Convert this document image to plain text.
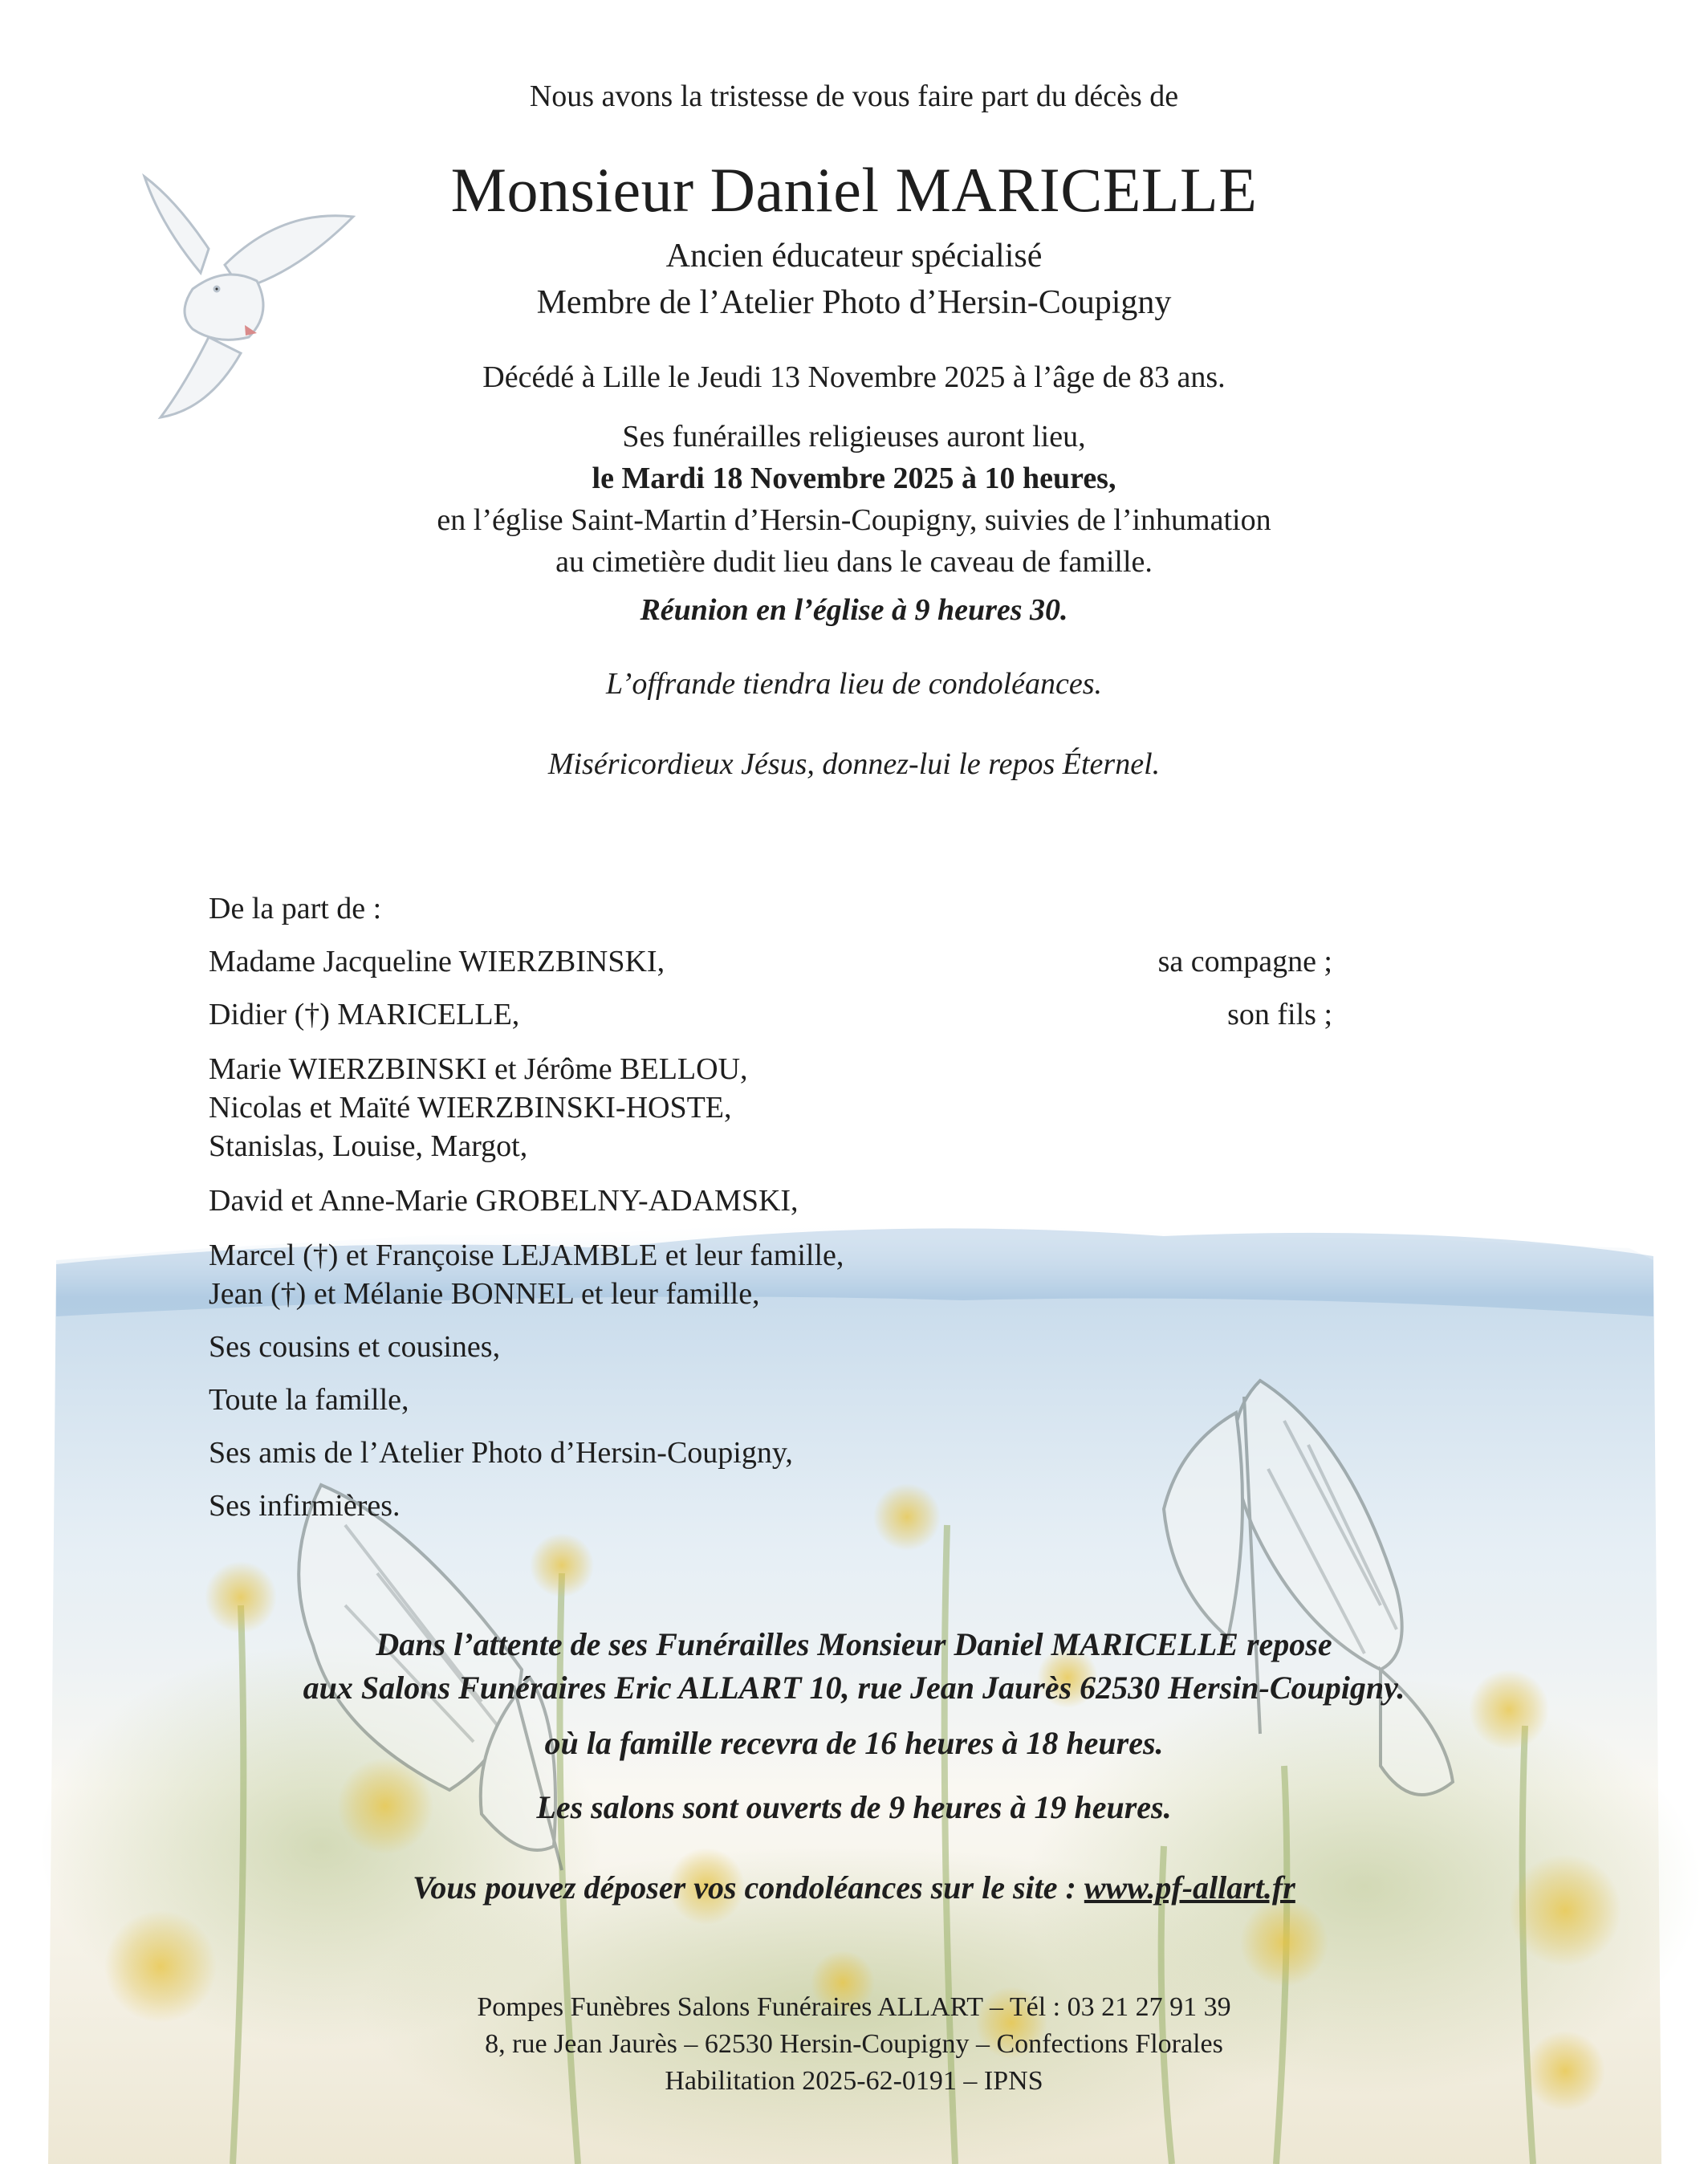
Nous avons la tristesse de vous faire part du décès de
Monsieur Daniel MARICELLE
Ancien éducateur spécialisé
Membre de l’Atelier Photo d’Hersin-Coupigny
Décédé à Lille le Jeudi 13 Novembre 2025 à l’âge de 83 ans.
Ses funérailles religieuses auront lieu,
le Mardi 18 Novembre 2025 à 10 heures,
en l’église Saint-Martin d’Hersin-Coupigny, suivies de l’inhumation
au cimetière dudit lieu dans le caveau de famille.
Réunion en l’église à 9 heures 30.
L’offrande tiendra lieu de condoléances.
Miséricordieux Jésus, donnez-lui le repos Éternel.
De la part de :
Madame Jacqueline WIERZBINSKI,	sa compagne ;
Didier (†) MARICELLE,	son fils ;
Marie WIERZBINSKI et Jérôme BELLOU,
Nicolas et Maïté WIERZBINSKI-HOSTE,
Stanislas, Louise, Margot,
David et Anne-Marie GROBELNY-ADAMSKI,
Marcel (†) et Françoise LEJAMBLE et leur famille,
Jean (†) et Mélanie BONNEL et leur famille,
Ses cousins et cousines,
Toute la famille,
Ses amis de l’Atelier Photo d’Hersin-Coupigny,
Ses infirmières.
Dans l’attente de ses Funérailles Monsieur Daniel MARICELLE repose
aux Salons Funéraires Eric ALLART 10, rue Jean Jaurès 62530 Hersin-Coupigny.
où la famille recevra de 16 heures à 18 heures.
Les salons sont ouverts de 9 heures à 19 heures.
Vous pouvez déposer vos condoléances sur le site : www.pf-allart.fr
Pompes Funèbres Salons Funéraires ALLART – Tél : 03 21 27 91 39
8, rue Jean Jaurès – 62530 Hersin-Coupigny – Confections Florales
Habilitation 2025-62-0191 – IPNS
